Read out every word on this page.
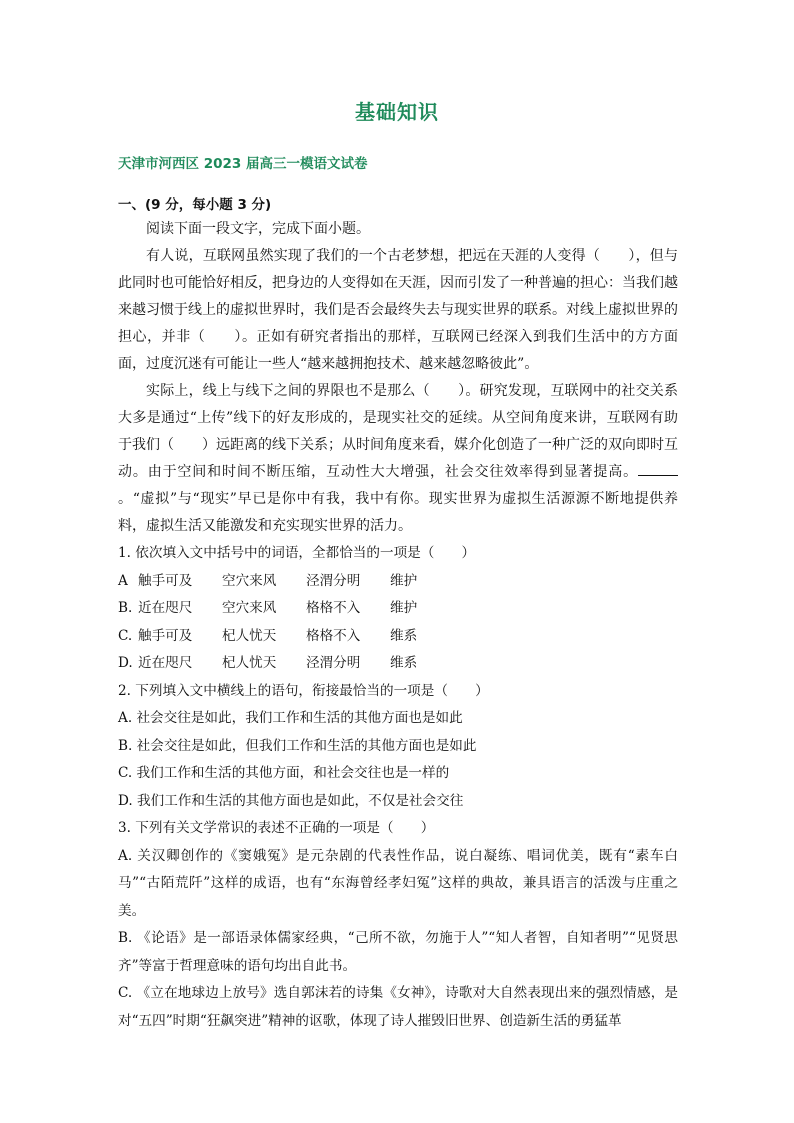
基础知识
天津市河西区 2023 届高三一模语文试卷
一、(9 分，每小题 3 分)

阅读下面一段文字，完成下面小题。

有人说，互联网虽然实现了我们的一个古老梦想，把远在天涯的人变得（　　），但与此同时也可能恰好相反，把身边的人变得如在天涯，因而引发了一种普遍的担心：当我们越来越习惯于线上的虚拟世界时，我们是否会最终失去与现实世界的联系。对线上虚拟世界的担心，并非（　　）。正如有研究者指出的那样，互联网已经深入到我们生活中的方方面面，过度沉迷有可能让一些人“越来越拥抱技术、越来越忽略彼此”。

实际上，线上与线下之间的界限也不是那么（　　）。研究发现，互联网中的社交关系大多是通过“上传”线下的好友形成的，是现实社交的延续。从空间角度来讲，互联网有助于我们（　　）远距离的线下关系；从时间角度来看，媒介化创造了一种广泛的双向即时互动。由于空间和时间不断压缩，互动性大大增强，社会交往效率得到显著提高。。“虚拟”与“现实”早已是你中有我，我中有你。现实世界为虚拟生活源源不断地提供养料，虚拟生活又能激发和充实现实世界的活力。

1. 依次填入文中括号中的词语，全都恰当的一项是（　　）

A 触手可及 空穴来风 泾渭分明 维护

B. 近在咫尺 空穴来风 格格不入 维护

C. 触手可及 杞人忧天 格格不入 维系

D. 近在咫尺 杞人忧天 泾渭分明 维系

2. 下列填入文中横线上的语句，衔接最恰当的一项是（　　）

A. 社会交往是如此，我们工作和生活的其他方面也是如此

B. 社会交往是如此，但我们工作和生活的其他方面也是如此

C. 我们工作和生活的其他方面，和社会交往也是一样的

D. 我们工作和生活的其他方面也是如此，不仅是社会交往

3. 下列有关文学常识的表述不正确的一项是（　　）

A. 关汉卿创作的《窦娥冤》是元杂剧的代表性作品，说白凝练、唱词优美，既有“素车白马”“古陌荒阡”这样的成语，也有“东海曾经孝妇冤”这样的典故，兼具语言的活泼与庄重之美。

B. 《论语》是一部语录体儒家经典，“己所不欲，勿施于人”“知人者智，自知者明”“见贤思齐”等富于哲理意味的语句均出自此书。

C. 《立在地球边上放号》选自郭沫若的诗集《女神》，诗歌对大自然表现出来的强烈情感，是对“五四”时期“狂飙突进”精神的讴歌，体现了诗人摧毁旧世界、创造新生活的勇猛革
